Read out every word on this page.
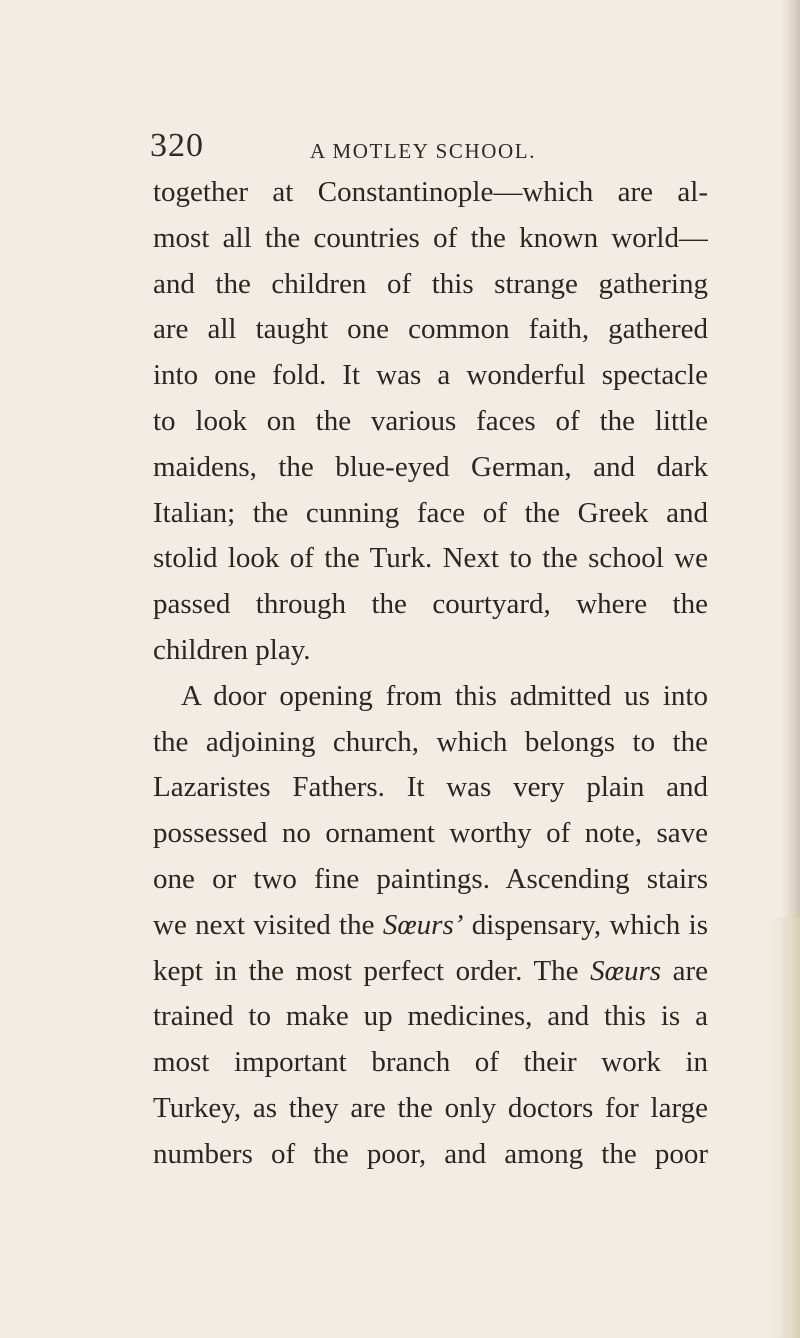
320	A MOTLEY SCHOOL.
together at Constantinople—which are al-
most all the countries of the known world—
and the children of this strange gathering
are all taught one common faith, gathered
into one fold. It was a wonderful spectacle
to look on the various faces of the little
maidens, the blue-eyed German, and dark
Italian; the cunning face of the Greek and
stolid look of the Turk. Next to the school we
passed through the courtyard, where the
children play.
A door opening from this admitted us into
the adjoining church, which belongs to the
Lazaristes Fathers. It was very plain and
possessed no ornament worthy of note, save
one or two fine paintings. Ascending stairs
we next visited the Sœurs’ dispensary, which is
kept in the most perfect order. The Sœurs are
trained to make up medicines, and this is a
most important branch of their work in
Turkey, as they are the only doctors for large
numbers of the poor, and among the poor
